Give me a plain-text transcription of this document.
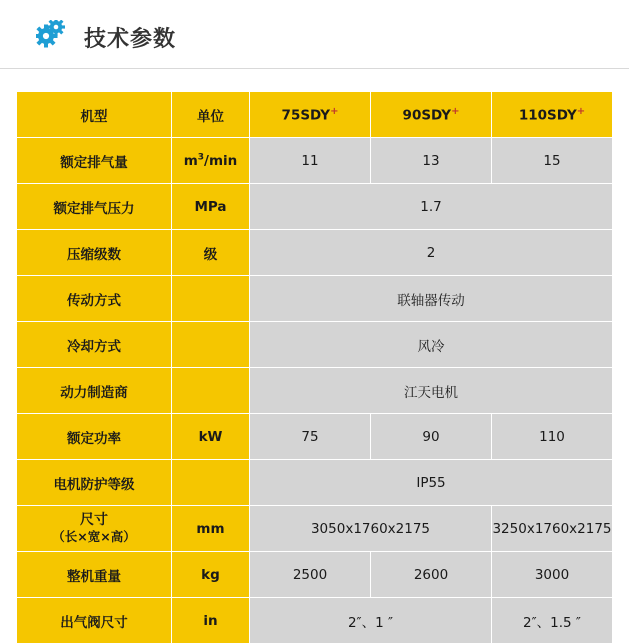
技术参数
机型	单位	75SDY+	90SDY+	110SDY+
额定排气量	$m^3/\min$	11	13	15
额定排气压力	MPa	1.7		
压缩级数	级	2		
传动方式		联轴器传动		
冷却方式		风冷		
动力制造商		江天电机		
额定功率	kW	75	90	110
电机防护等级		IP55		

尺寸
（长×宽×高）	mm	3050x1760x2175		3250x1760x2175
整机重量	kg	2500	2600	3000
出气阀尺寸	in	2″、1 ″		2″、1.5 ″
